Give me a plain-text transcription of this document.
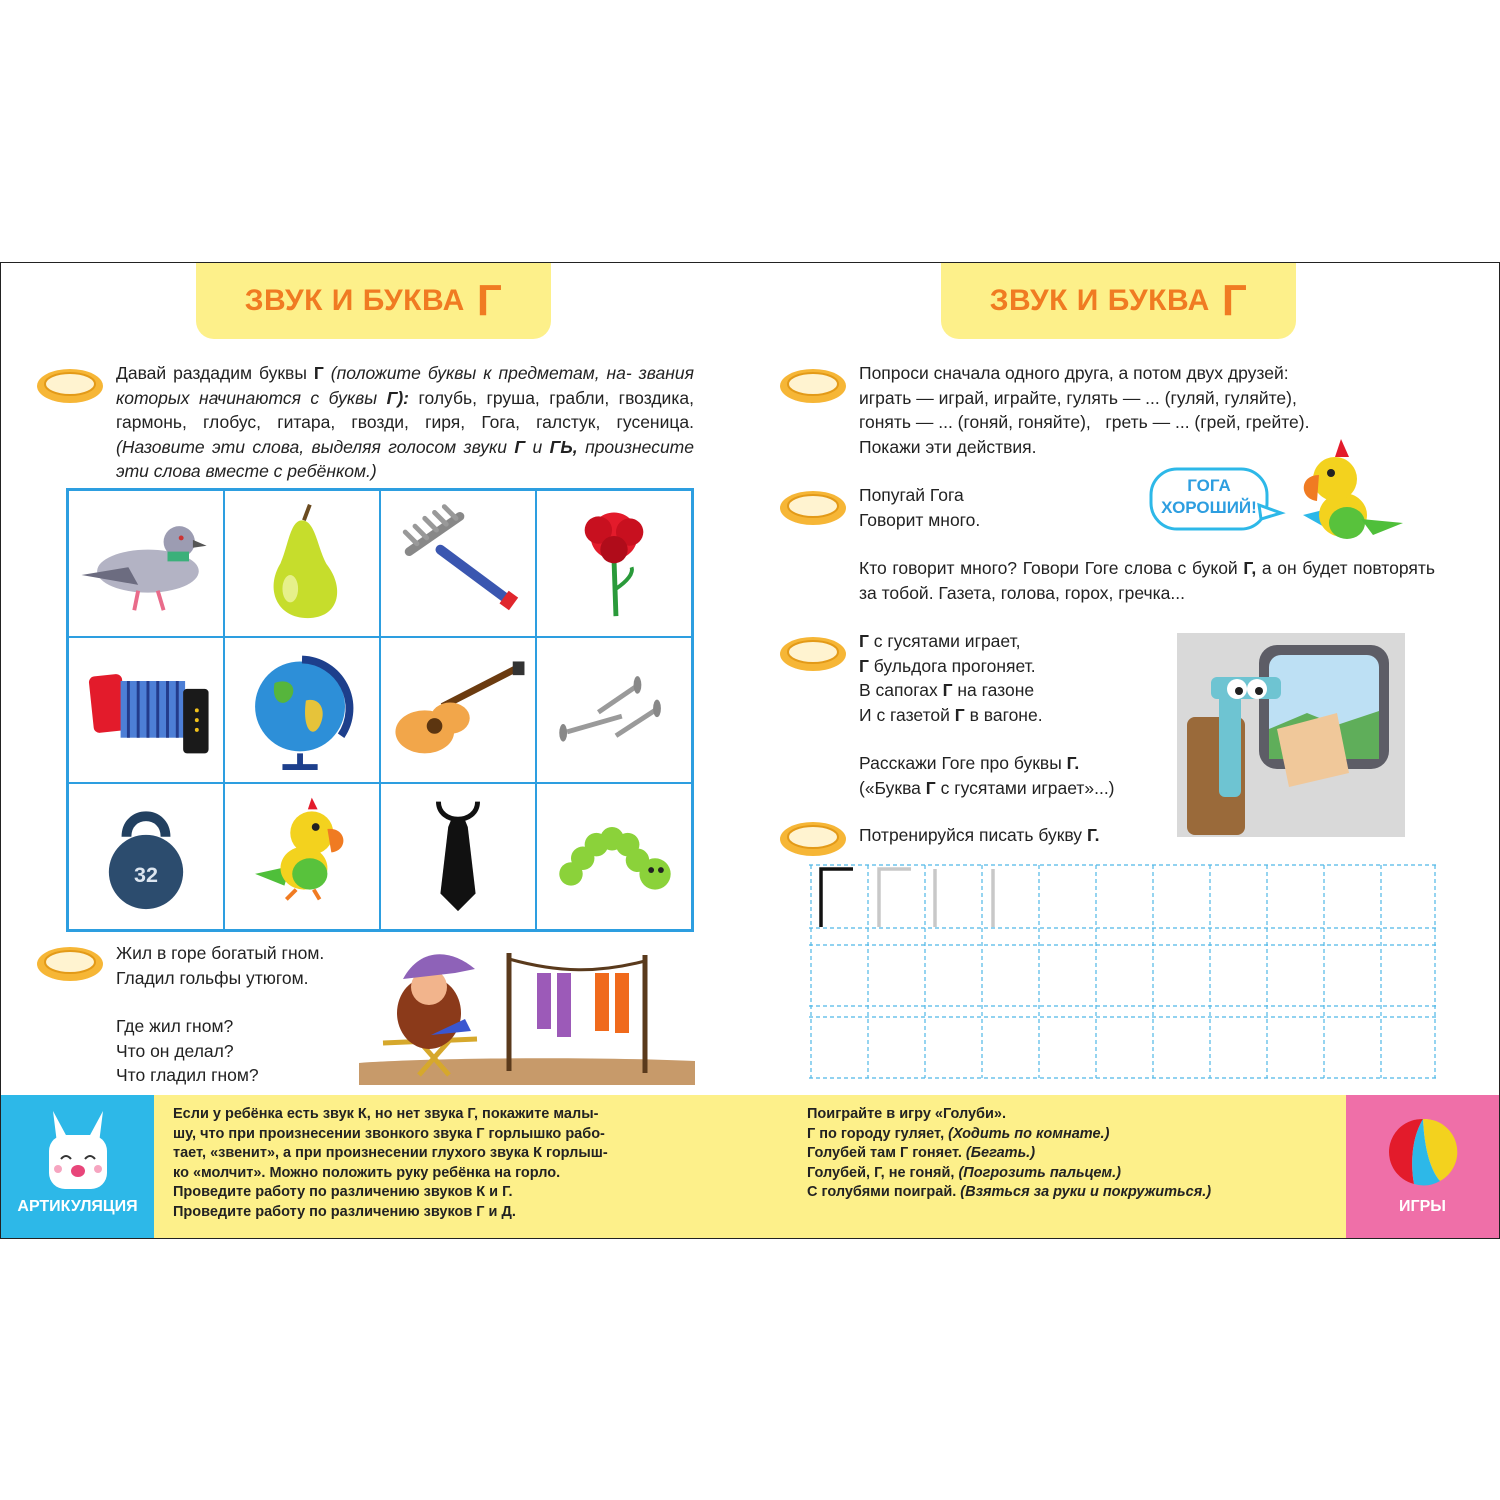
ЗВУК И БУКВА Г
Давай раздадим буквы Г (положите буквы к предметам, на- звания которых начинаются с буквы Г): голубь, груша, грабли, гвоздика, гармонь, глобус, гитара, гвозди, гиря, Гога, галстук, гусеница. (Назовите эти слова, выделяя голосом звуки Г и ГЬ, произнесите эти слова вместе с ребёнком.)
32
Жил в горе богатый гном.
Гладил гольфы утюгом.
Где жил гном?
Что он делал?
Что гладил гном?
ЗВУК И БУКВА Г
Попроси сначала одного друга, а потом двух друзей:
играть — играй, играйте, гулять — ... (гуляй, гуляйте),
гонять — ... (гоняй, гоняйте),   греть — ... (грей, грейте).
Покажи эти действия.
Попугай Гога
Говорит много.
ГОГА
ХОРОШИЙ!
Кто говорит много? Говори Гоге слова с букой Г, а он будет повторять за тобой. Газета, голова, горох, гречка...
Г с гусятами играет,
Г бульдога прогоняет.
В сапогах Г на газоне
И с газетой Г в вагоне.
Расскажи Гоге про буквы Г.
(«Буква Г с гусятами играет»...)
Потренируйся писать букву Г.
АРТИКУЛЯЦИЯ
Если у ребёнка есть звук К, но нет звука Г, покажите малы-
шу, что при произнесении звонкого звука Г горлышко рабо-
тает, «звенит», а при произнесении глухого звука К горлыш-
ко «молчит». Можно положить руку ребёнка на горло.
Проведите работу по различению звуков К и Г.
Проведите работу по различению звуков Г и Д.
Поиграйте в игру «Голуби».
Г по городу гуляет, (Ходить по комнате.)
Голубей там Г гоняет. (Бегать.)
Голубей, Г, не гоняй, (Погрозить пальцем.)
С голубями поиграй. (Взяться за руки и покружиться.)
ИГРЫ
